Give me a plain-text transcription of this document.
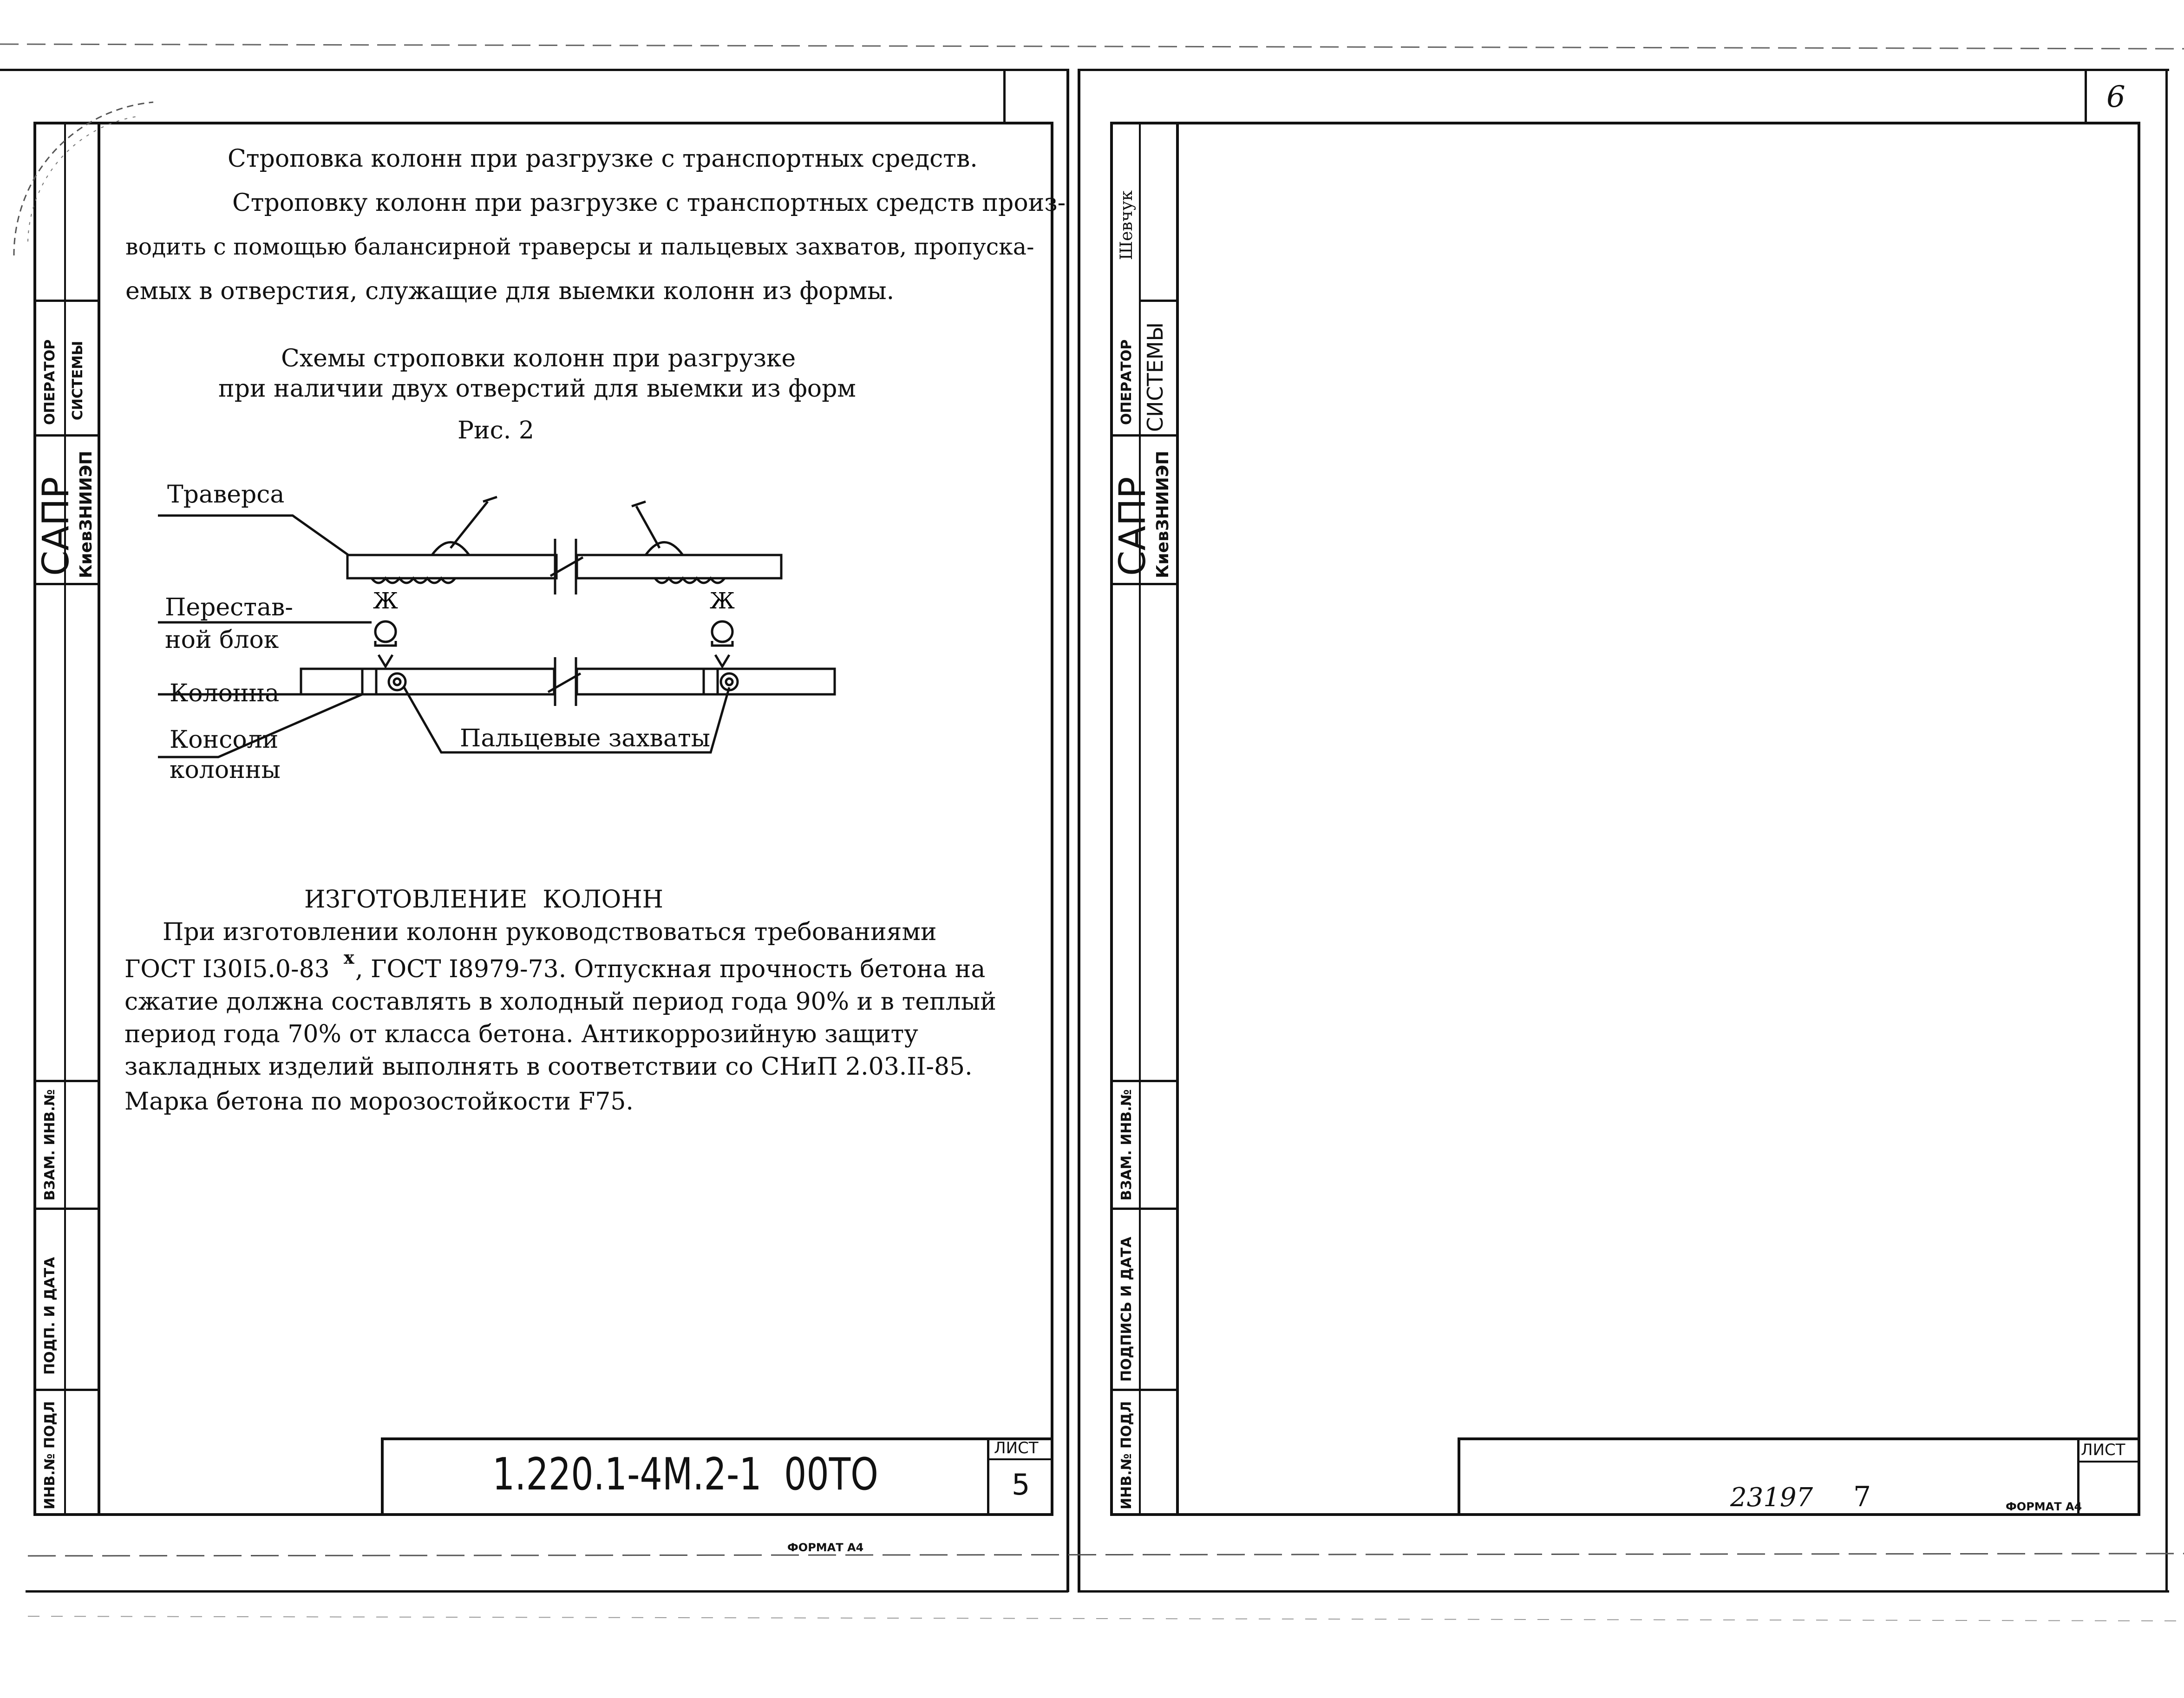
САПР КиевЗНИИЭП
ОПЕРАТОР СИСТЕМЫ
ВЗАМ. ИНВ.№
ПОДП. И ДАТА
ИНВ.№ ПОДЛ
Строповка колонн при разгрузке с транспортных средств.
Строповку колонн при разгрузке с транспортных средств произ-
водить с помощью балансирной траверсы и пальцевых захватов, пропуска-
емых в отверстия, служащие для выемки колонн из формы.
Схемы строповки колонн при разгрузке
при наличии двух отверстий для выемки из форм
Рис. 2
Ж	Ж
Траверса
Перестав-
ной блок
Колонна
Консоли
колонны
Пальцевые захваты
ИЗГОТОВЛЕНИЕ  КОЛОНН
При изготовлении колонн руководствоваться требованиями
ГОСТ I30I5.0-83 x , ГОСТ I8979-73. Отпускная прочность бетона на
сжатие должна составлять в холодный период года 90% и в теплый
период года 70% от класса бетона. Антикоррозийную защиту
закладных изделий выполнять в соответствии со СНиП 2.03.II-85.
Марка бетона по морозостойкости F75.
ЛИСТ
5
1.220.1-4М.2-1  00ТО
ФОРМАТ А4
6
Шевчук
САПР КиевЗНИИЭП
ОПЕРАТОР СИСТЕМЫ
ВЗАМ. ИНВ.№
ПОДПИСЬ И ДАТА
ИНВ.№ ПОДЛ	ЛИСТ
23197 7	ФОРМАТ А4
